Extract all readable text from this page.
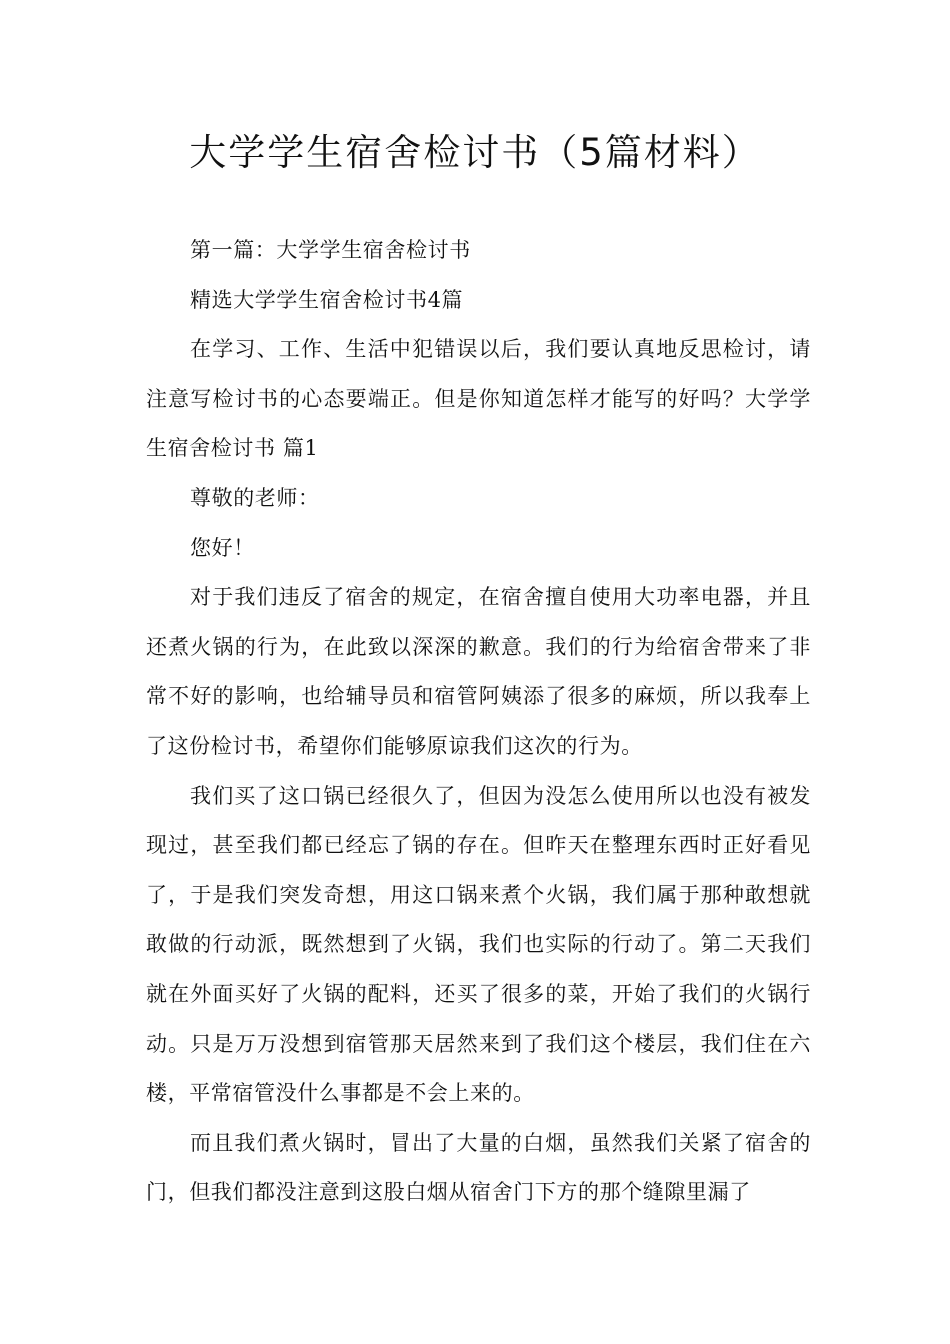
大学学生宿舍检讨书（5篇材料）

第一篇：大学学生宿舍检讨书

精选大学学生宿舍检讨书4篇

在学习、工作、生活中犯错误以后，我们要认真地反思检讨，请注意写检讨书的心态要端正。但是你知道怎样才能写的好吗？大学学生宿舍检讨书 篇1

尊敬的老师：

您好！

对于我们违反了宿舍的规定，在宿舍擅自使用大功率电器，并且还煮火锅的行为，在此致以深深的歉意。我们的行为给宿舍带来了非常不好的影响，也给辅导员和宿管阿姨添了很多的麻烦，所以我奉上了这份检讨书，希望你们能够原谅我们这次的行为。

我们买了这口锅已经很久了，但因为没怎么使用所以也没有被发现过，甚至我们都已经忘了锅的存在。但昨天在整理东西时正好看见了，于是我们突发奇想，用这口锅来煮个火锅，我们属于那种敢想就敢做的行动派，既然想到了火锅，我们也实际的行动了。第二天我们就在外面买好了火锅的配料，还买了很多的菜，开始了我们的火锅行动。只是万万没想到宿管那天居然来到了我们这个楼层，我们住在六楼，平常宿管没什么事都是不会上来的。

而且我们煮火锅时，冒出了大量的白烟，虽然我们关紧了宿舍的门，但我们都没注意到这股白烟从宿舍门下方的那个缝隙里漏了
